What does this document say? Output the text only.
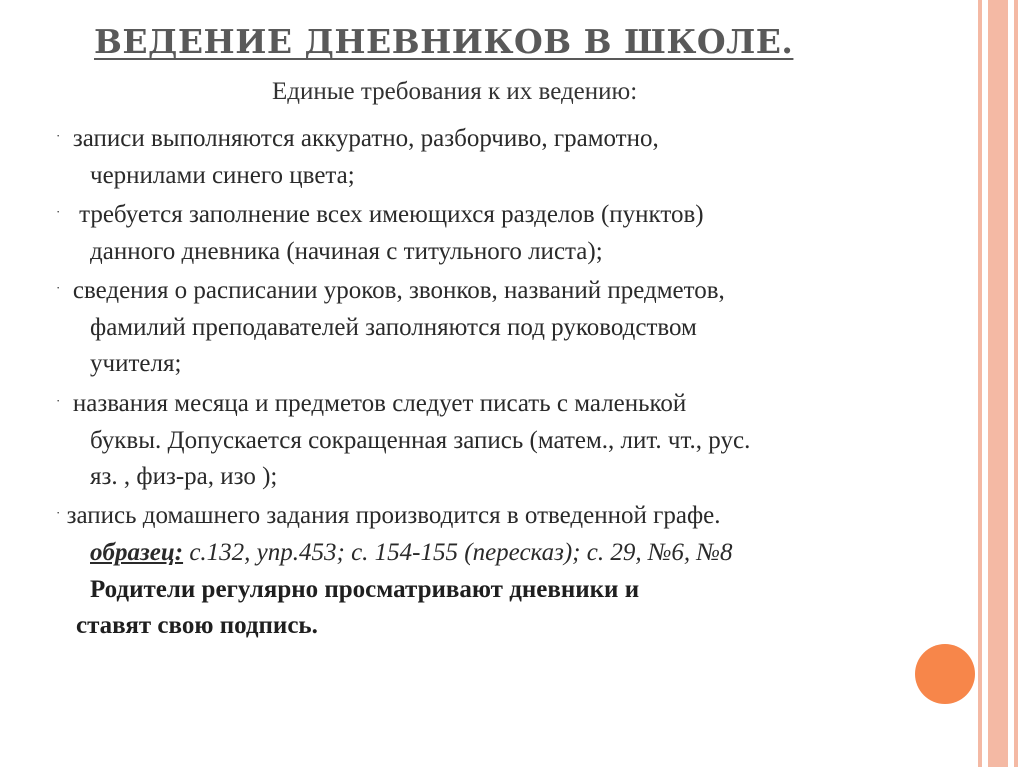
ВЕДЕНИЕ ДНЕВНИКОВ В ШКОЛЕ.
Единые требования к их ведению:
· записи выполняются аккуратно, разборчиво, грамотно,
чернилами синего цвета;
· требуется заполнение всех имеющихся разделов (пунктов)
данного дневника (начиная с титульного листа);
· сведения о расписании уроков, звонков, названий предметов,
фамилий преподавателей заполняются под руководством
учителя;
· названия месяца и предметов следует писать с маленькой
буквы. Допускается сокращенная запись (матем., лит. чт., рус.
яз. , физ-ра, изо );
· запись домашнего задания производится в отведенной графе.
образец: с.132, упр.453; с. 154-155 (пересказ); с. 29, №6, №8
Родители регулярно просматривают дневники и
ставят свою подпись.
